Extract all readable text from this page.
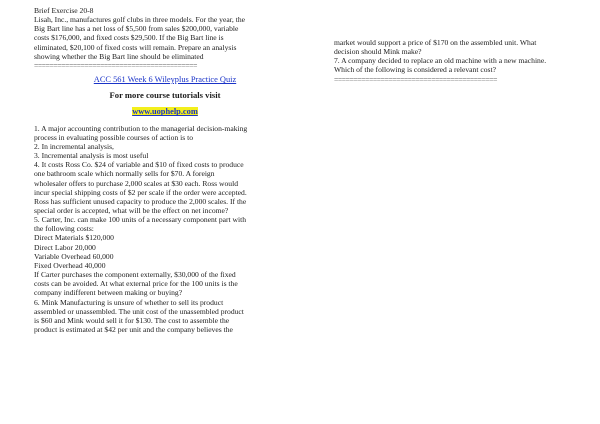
Brief Exercise 20-8
Lisah, Inc., manufactures golf clubs in three models. For the year, the
Big Bart line has a net loss of $5,500 from sales $200,000, variable
costs $176,000, and fixed costs $29,500. If the Big Bart line is
eliminated, $20,100 of fixed costs will remain. Prepare an analysis
showing whether the Big Bart line should be eliminated
==========================================
ACC 561 Week 6 Wileyplus Practice Quiz
For more course tutorials visit
www.uophelp.com
1. A major accounting contribution to the managerial decision-making
process in evaluating possible courses of action is to
2. In incremental analysis,
3. Incremental analysis is most useful
4. It costs Ross Co. $24 of variable and $10 of fixed costs to produce
one bathroom scale which normally sells for $70. A foreign
wholesaler offers to purchase 2,000 scales at $30 each. Ross would
incur special shipping costs of $2 per scale if the order were accepted.
Ross has sufficient unused capacity to produce the 2,000 scales. If the
special order is accepted, what will be the effect on net income?
5. Carter, Inc. can make 100 units of a necessary component part with
the following costs:
Direct Materials $120,000
Direct Labor 20,000
Variable Overhead 60,000
Fixed Overhead 40,000
If Carter purchases the component externally, $30,000 of the fixed
costs can be avoided. At what external price for the 100 units is the
company indifferent between making or buying?
6. Mink Manufacturing is unsure of whether to sell its product
assembled or unassembled. The unit cost of the unassembled product
is $60 and Mink would sell it for $130. The cost to assemble the
product is estimated at $42 per unit and the company believes the
market would support a price of $170 on the assembled unit. What
decision should Mink make?
7. A company decided to replace an old machine with a new machine.
Which of the following is considered a relevant cost?
==========================================
